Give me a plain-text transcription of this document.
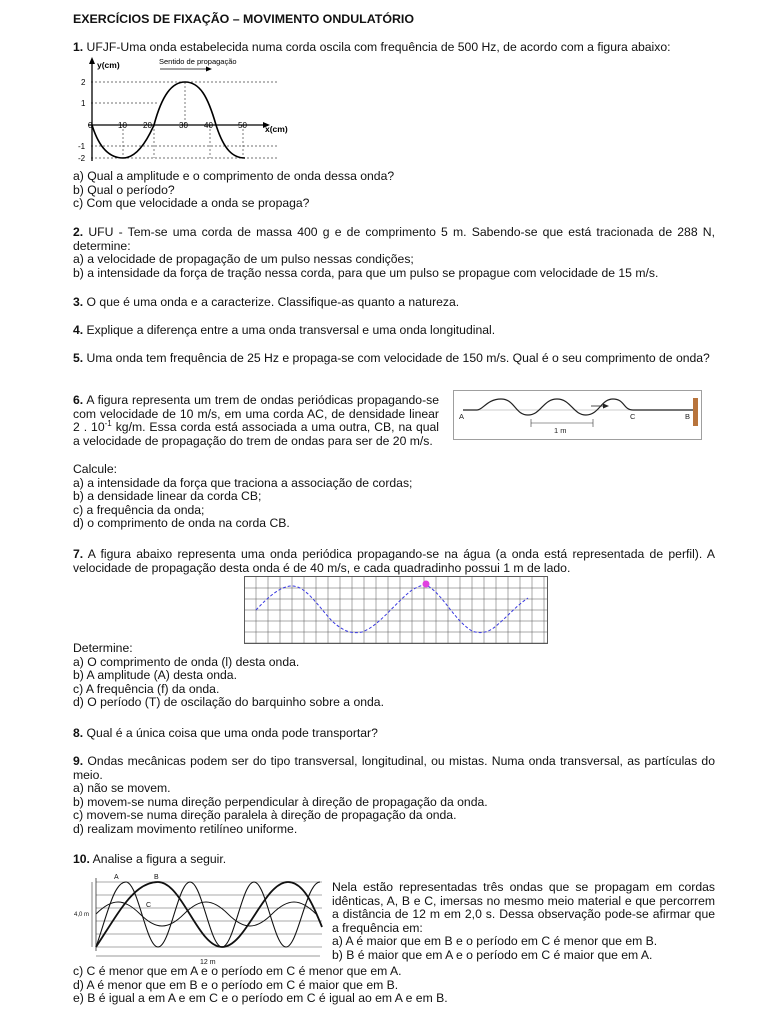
EXERCÍCIOS DE FIXAÇÃO – MOVIMENTO ONDULATÓRIO

1. UFJF-Uma onda estabelecida numa corda oscila com frequência de 500 Hz, de acordo com a figura abaixo:

y(cm)	Sentido de propagação
x(cm)
2
1
-1
-2
0	10 20	30 40	50

a) Qual a amplitude e o comprimento de onda dessa onda?

b) Qual o período?

c) Com que velocidade a onda se propaga?

2. UFU - Tem-se uma corda de massa 400 g e de comprimento 5 m. Sabendo-se que está tracionada de 288 N, determine:

a) a velocidade de propagação de um pulso nessas condições;

b) a intensidade da força de tração nessa corda, para que um pulso se propague com velocidade de 15 m/s.

3. O que é uma onda e a caracterize. Classifique-as quanto a natureza.

4. Explique a diferença entre a uma onda transversal e uma onda longitudinal.

5. Uma onda tem frequência de 25 Hz e propaga-se com velocidade de 150 m/s. Qual é o seu comprimento de onda?

6. A figura representa um trem de ondas periódicas propagando-se com velocidade de 10 m/s, em uma corda AC, de densidade linear 2 . $10^{-1}$ kg/m. Essa corda está associada a uma outra, CB, na qual a velocidade de propagação do trem de ondas para ser de 20 m/s.

Calcule:

a) a intensidade da força que traciona a associação de cordas;

b) a densidade linear da corda CB;

c) a frequência da onda;

d) o comprimento de onda na corda CB.

A	C	B
1 m

7. A figura abaixo representa uma onda periódica propagando-se na água (a onda está representada de perfil). A velocidade de propagação desta onda é de 40 m/s, e cada quadradinho possui 1 m de lado.

Determine:

a) O comprimento de onda (l) desta onda.

b) A amplitude (A) desta onda.

c) A frequência (f) da onda.

d) O período (T) de oscilação do barquinho sobre a onda.

8. Qual é a única coisa que uma onda pode transportar?

9. Ondas mecânicas podem ser do tipo transversal, longitudinal, ou mistas. Numa onda transversal, as partículas do meio.

a) não se movem.

b) movem-se numa direção perpendicular à direção de propagação da onda.

c) movem-se numa direção paralela à direção de propagação da onda.

d) realizam movimento retilíneo uniforme.

10. Analise a figura a seguir.

A	B
C
4,0 m
12 m

Nela estão representadas três ondas que se propagam em cordas idênticas, A, B e C, imersas no mesmo meio material e que percorrem a distância de 12 m em 2,0 s. Dessa observação pode-se afirmar que a frequência em:

a) A é maior que em B e o período em C é menor que em B.

b) B é maior que em A e o período em C é maior que em A.

c) C é menor que em A e o período em C é menor que em A.

d) A é menor que em B e o período em C é maior que em B.

e) B é igual a em A e em C e o período em C é igual ao em A e em B.
